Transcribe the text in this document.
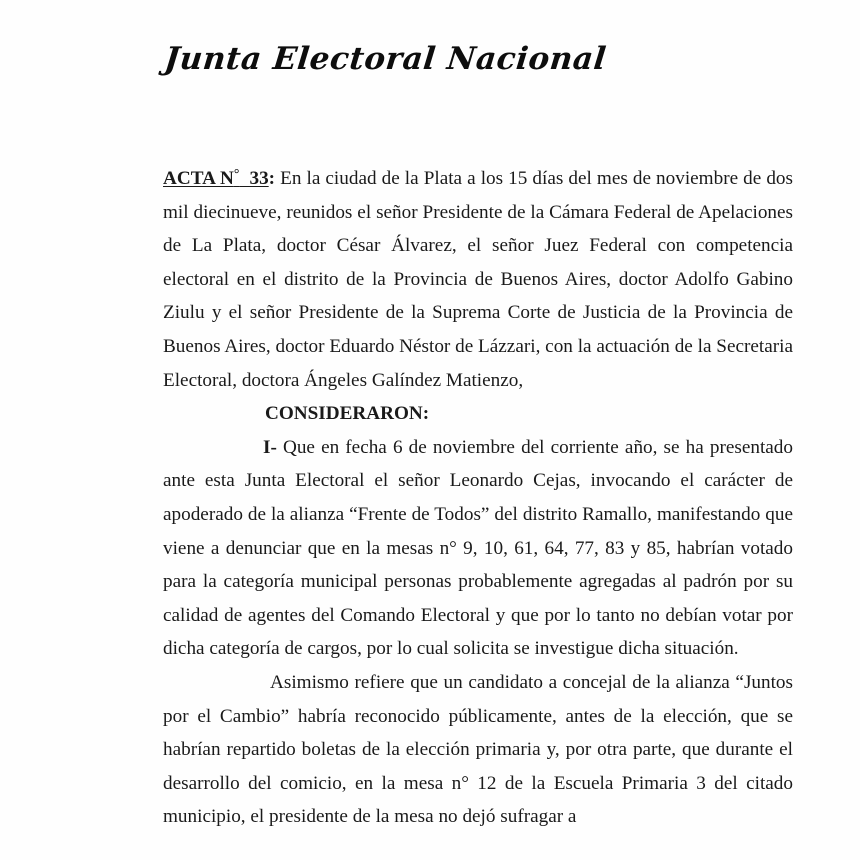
Junta Electoral Nacional

ACTA N° 33: En la ciudad de la Plata a los 15 días del mes de noviembre de dos mil diecinueve, reunidos el señor Presidente de la Cámara Federal de Apelaciones de La Plata, doctor César Álvarez, el señor Juez Federal con competencia electoral en el distrito de la Provincia de Buenos Aires, doctor Adolfo Gabino Ziulu y el señor Presidente de la Suprema Corte de Justicia de la Provincia de Buenos Aires, doctor Eduardo Néstor de Lázzari, con la actuación de la Secretaria Electoral, doctora Ángeles Galíndez Matienzo,

CONSIDERARON:

I- Que en fecha 6 de noviembre del corriente año, se ha presentado ante esta Junta Electoral el señor Leonardo Cejas, invocando el carácter de apoderado de la alianza “Frente de Todos” del distrito Ramallo, manifestando que viene a denunciar que en la mesas n° 9, 10, 61, 64, 77, 83 y 85, habrían votado para la categoría municipal personas probablemente agregadas al padrón por su calidad de agentes del Comando Electoral y que por lo tanto no debían votar por dicha categoría de cargos, por lo cual solicita se investigue dicha situación.

Asimismo refiere que un candidato a concejal de la alianza “Juntos por el Cambio” habría reconocido públicamente, antes de la elección, que se habrían repartido boletas de la elección primaria y, por otra parte, que durante el desarrollo del comicio, en la mesa n° 12 de la Escuela Primaria 3 del citado municipio, el presidente de la mesa no dejó sufragar a
